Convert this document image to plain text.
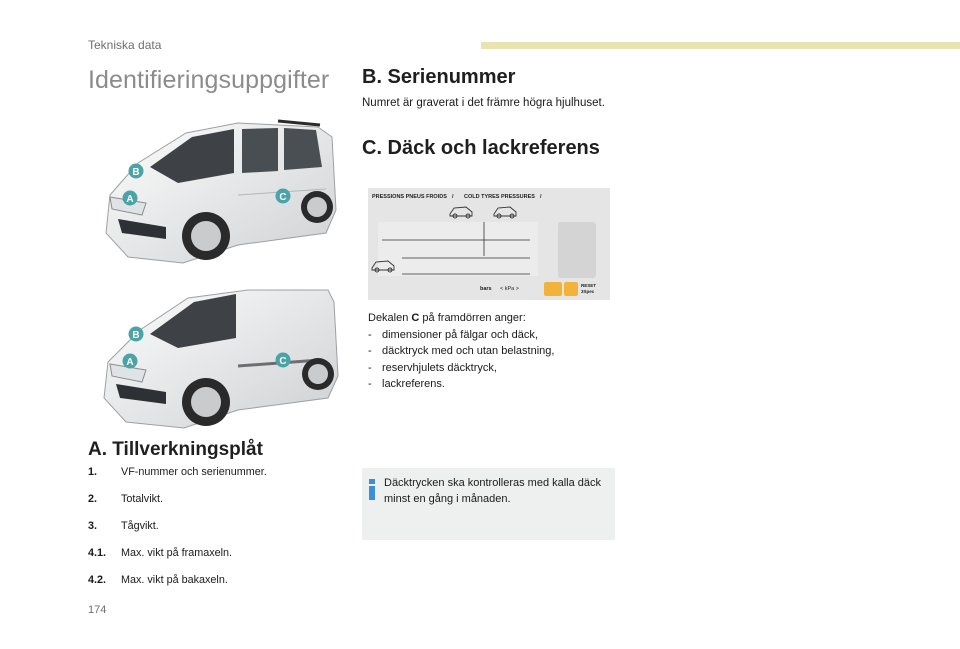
Tekniska data
Identifieringsuppgifter
B
A	C
B
A	C
B. Serienummer
Numret är graverat i det främre högra hjulhuset.
C. Däck och lackreferens
PRESSIONS PNEUS FROIDS / COLD TYRES PRESSURES /
bars < kPa >
RESET
3Spec
Dekalen C på framdörren anger:
- dimensioner på fälgar och däck,
- däcktryck med och utan belastning,
- reservhjulets däcktryck,
- lackreferens.
A. Tillverkningsplåt
1. VF-nummer och serienummer.
2. Totalvikt.
3. Tågvikt.
4.1. Max. vikt på framaxeln.
4.2. Max. vikt på bakaxeln.
Däcktrycken ska kontrolleras med kalla däck minst en gång i månaden.
174
